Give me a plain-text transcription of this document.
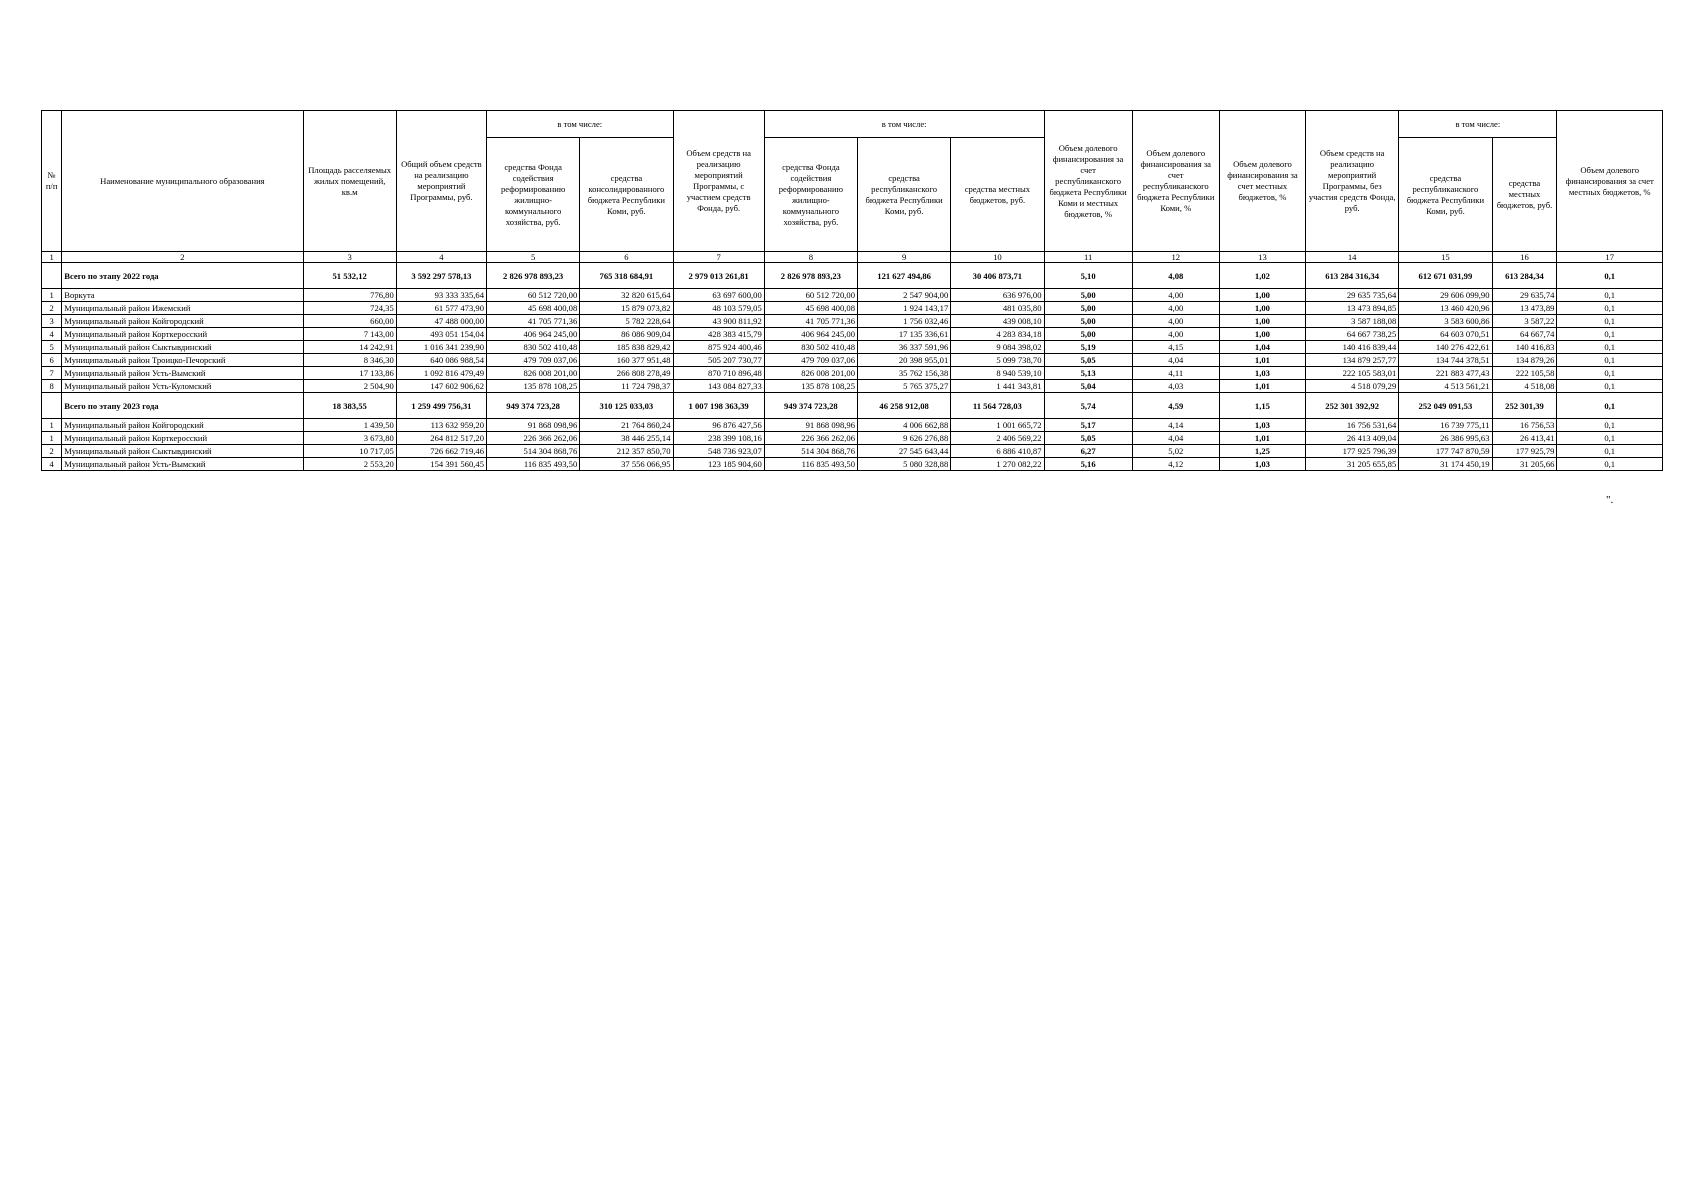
№ п/п	Наименование муниципального образования	Площадь расселяемых жилых помещений, кв.м	Общий объем средств на реализацию мероприятий Программы, руб.	в том числе:		Объем средств на реализацию мероприятий Программы, с участием средств Фонда, руб.	в том числе:			Объем долевого финансирования за счет республиканского бюджета Республики Коми и местных бюджетов, %	Объем долевого финансирования за счет республиканского бюджета Республики Коми, %	Объем долевого финансирования за счет местных бюджетов, %	Объем средств на реализацию мероприятий Программы, без участия средств Фонда, руб.	в том числе:		Объем долевого финансирования за счет местных бюджетов, %
				средства Фонда содействия реформированию жилищно-коммунального хозяйства, руб.	средства консолидированного бюджета Республики Коми, руб.		средства Фонда содействия реформированию жилищно-коммунального хозяйства, руб.	средства республиканского бюджета Республики Коми, руб.	средства местных бюджетов, руб.					средства республиканского бюджета Республики Коми, руб.	средства местных бюджетов, руб.	
1	2	3	4	5	6	7	8	9	10	11	12	13	14	15	16	17
	Всего по этапу 2022 года	51 532,12	3 592 297 578,13	2 826 978 893,23	765 318 684,91	2 979 013 261,81	2 826 978 893,23	121 627 494,86	30 406 873,71	5,10	4,08	1,02	613 284 316,34	612 671 031,99	613 284,34	0,1
1	Воркута	776,80	93 333 335,64	60 512 720,00	32 820 615,64	63 697 600,00	60 512 720,00	2 547 904,00	636 976,00	5,00	4,00	1,00	29 635 735,64	29 606 099,90	29 635,74	0,1
2	Муниципальный район Ижемский	724,35	61 577 473,90	45 698 400,08	15 879 073,82	48 103 579,05	45 698 400,08	1 924 143,17	481 035,80	5,00	4,00	1,00	13 473 894,85	13 460 420,96	13 473,89	0,1
3	Муниципальный район Койгородский	660,00	47 488 000,00	41 705 771,36	5 782 228,64	43 900 811,92	41 705 771,36	1 756 032,46	439 008,10	5,00	4,00	1,00	3 587 188,08	3 583 600,86	3 587,22	0,1
4	Муниципальный район Корткеросский	7 143,00	493 051 154,04	406 964 245,00	86 086 909,04	428 383 415,79	406 964 245,00	17 135 336,61	4 283 834,18	5,00	4,00	1,00	64 667 738,25	64 603 070,51	64 667,74	0,1
5	Муниципальный район Сыктывдинский	14 242,91	1 016 341 239,90	830 502 410,48	185 838 829,42	875 924 400,46	830 502 410,48	36 337 591,96	9 084 398,02	5,19	4,15	1,04	140 416 839,44	140 276 422,61	140 416,83	0,1
6	Муниципальный район Троицко-Печорский	8 346,30	640 086 988,54	479 709 037,06	160 377 951,48	505 207 730,77	479 709 037,06	20 398 955,01	5 099 738,70	5,05	4,04	1,01	134 879 257,77	134 744 378,51	134 879,26	0,1
7	Муниципальный район Усть-Вымский	17 133,86	1 092 816 479,49	826 008 201,00	266 808 278,49	870 710 896,48	826 008 201,00	35 762 156,38	8 940 539,10	5,13	4,11	1,03	222 105 583,01	221 883 477,43	222 105,58	0,1
8	Муниципальный район Усть-Куломский	2 504,90	147 602 906,62	135 878 108,25	11 724 798,37	143 084 827,33	135 878 108,25	5 765 375,27	1 441 343,81	5,04	4,03	1,01	4 518 079,29	4 513 561,21	4 518,08	0,1
	Всего по этапу 2023 года	18 383,55	1 259 499 756,31	949 374 723,28	310 125 033,03	1 007 198 363,39	949 374 723,28	46 258 912,08	11 564 728,03	5,74	4,59	1,15	252 301 392,92	252 049 091,53	252 301,39	0,1
1	Муниципальный район Койгородский	1 439,50	113 632 959,20	91 868 098,96	21 764 860,24	96 876 427,56	91 868 098,96	4 006 662,88	1 001 665,72	5,17	4,14	1,03	16 756 531,64	16 739 775,11	16 756,53	0,1
1	Муниципальный район Корткеросский	3 673,80	264 812 517,20	226 366 262,06	38 446 255,14	238 399 108,16	226 366 262,06	9 626 276,88	2 406 569,22	5,05	4,04	1,01	26 413 409,04	26 386 995,63	26 413,41	0,1
2	Муниципальный район Сыктывдинский	10 717,05	726 662 719,46	514 304 868,76	212 357 850,70	548 736 923,07	514 304 868,76	27 545 643,44	6 886 410,87	6,27	5,02	1,25	177 925 796,39	177 747 870,59	177 925,79	0,1
4	Муниципальный район Усть-Вымский	2 553,20	154 391 560,45	116 835 493,50	37 556 066,95	123 185 904,60	116 835 493,50	5 080 328,88	1 270 082,22	5,16	4,12	1,03	31 205 655,85	31 174 450,19	31 205,66	0,1
".
